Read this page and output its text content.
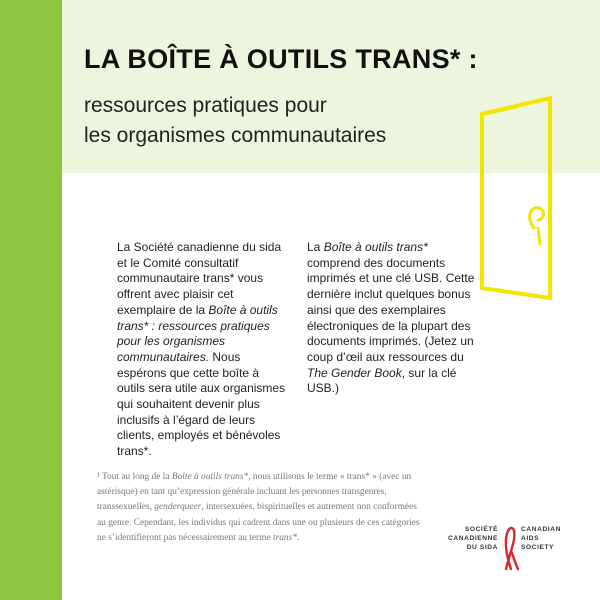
LA BOÎTE À OUTILS TRANS* :
ressources pratiques pour
les organismes communautaires
La Société canadienne du sida et le Comité consultatif communautaire trans* vous offrent avec plaisir cet exemplaire de la Boîte à outils trans* : ressources pratiques pour les organismes communautaires. Nous espérons que cette boîte à outils sera utile aux organismes qui souhaitent devenir plus inclusifs à l’égard de leurs clients, employés et bénévoles trans*.
La Boîte à outils trans* comprend des documents imprimés et une clé USB. Cette dernière inclut quelques bonus ainsi que des exemplaires électroniques de la plupart des documents imprimés. (Jetez un coup d’œil aux ressources du The Gender Book, sur la clé USB.)
¹ Tout au long de la Boîte à outils trans*, nous utilisons le terme « trans* » (avec un astérisque) en tant qu’expression générale incluant les personnes transgenres, transsexuelles, genderqueer, intersexuées, bispirituelles et autrement non conformées au genre. Cependant, les individus qui cadrent dans une ou plusieurs de ces catégories ne s’identifieront pas nécessairement au terme trans*.
SOCIÉTÉ
CANADIENNE
DU SIDA
CANADIAN
AIDS
SOCIETY
